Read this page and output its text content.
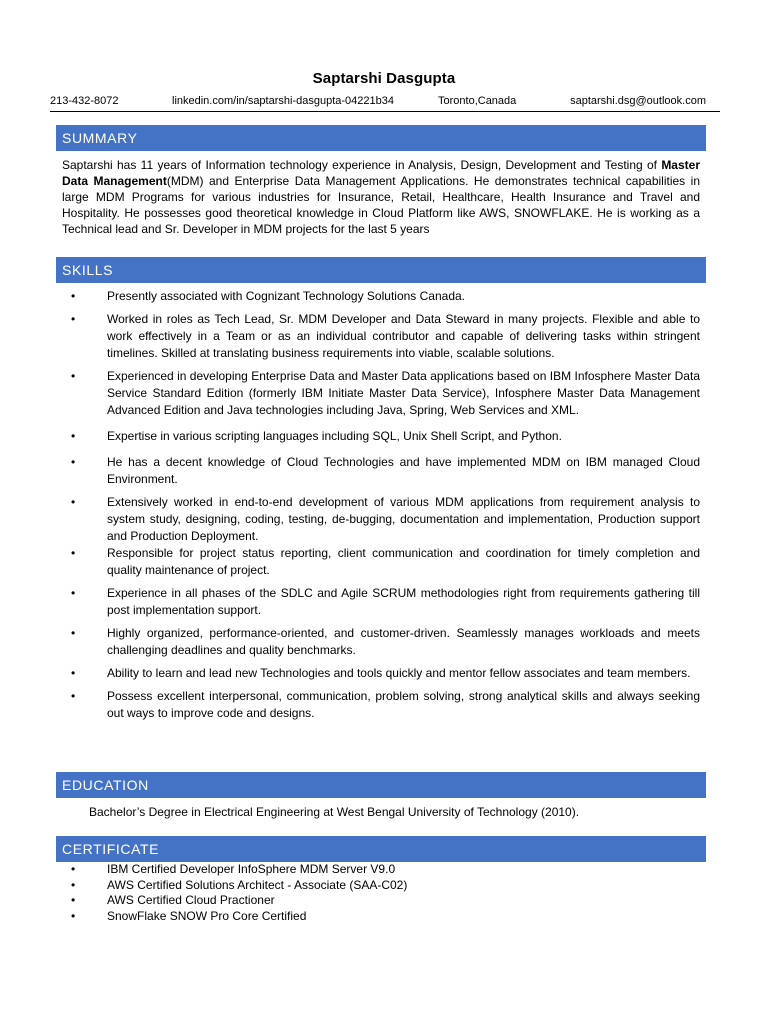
Saptarshi Dasgupta
213-432-8072	linkedin.com/in/saptarshi-dasgupta-04221b34	Toronto,Canada	saptarshi.dsg@outlook.com
SUMMARY
Saptarshi has 11 years of Information technology experience in Analysis, Design, Development and Testing of Master Data Management(MDM) and Enterprise Data Management Applications. He demonstrates technical capabilities in large MDM Programs for various industries for Insurance, Retail, Healthcare, Health Insurance and Travel and Hospitality. He possesses good theoretical knowledge in Cloud Platform like AWS, SNOWFLAKE. He is working as a Technical lead and Sr. Developer in MDM projects for the last 5 years
SKILLS
•	Presently associated with Cognizant Technology Solutions Canada.
•	Worked in roles as Tech Lead, Sr. MDM Developer and Data Steward in many projects. Flexible and able to work effectively in a Team or as an individual contributor and capable of delivering tasks within stringent timelines. Skilled at translating business requirements into viable, scalable solutions.
•	Experienced in developing Enterprise Data and Master Data applications based on IBM Infosphere Master Data Service Standard Edition (formerly IBM Initiate Master Data Service), Infosphere Master Data Management Advanced Edition and Java technologies including Java, Spring, Web Services and XML.
•	Expertise in various scripting languages including SQL, Unix Shell Script, and Python.
•	He has a decent knowledge of Cloud Technologies and have implemented MDM on IBM managed Cloud Environment.
•	Extensively worked in end-to-end development of various MDM applications from requirement analysis to system study, designing, coding, testing, de-bugging, documentation and implementation, Production support and Production Deployment.
•	Responsible for project status reporting, client communication and coordination for timely completion and quality maintenance of project.
•	Experience in all phases of the SDLC and Agile SCRUM methodologies right from requirements gathering till post implementation support.
•	Highly organized, performance-oriented, and customer-driven. Seamlessly manages workloads and meets challenging deadlines and quality benchmarks.
•	Ability to learn and lead new Technologies and tools quickly and mentor fellow associates and team members.
•	Possess excellent interpersonal, communication, problem solving, strong analytical skills and always seeking out ways to improve code and designs.
EDUCATION
Bachelor’s Degree in Electrical Engineering at West Bengal University of Technology (2010).
CERTIFICATE
•	IBM Certified Developer InfoSphere MDM Server V9.0
•	AWS Certified Solutions Architect - Associate (SAA-C02)
•	AWS Certified Cloud Practioner
•	SnowFlake SNOW Pro Core Certified
